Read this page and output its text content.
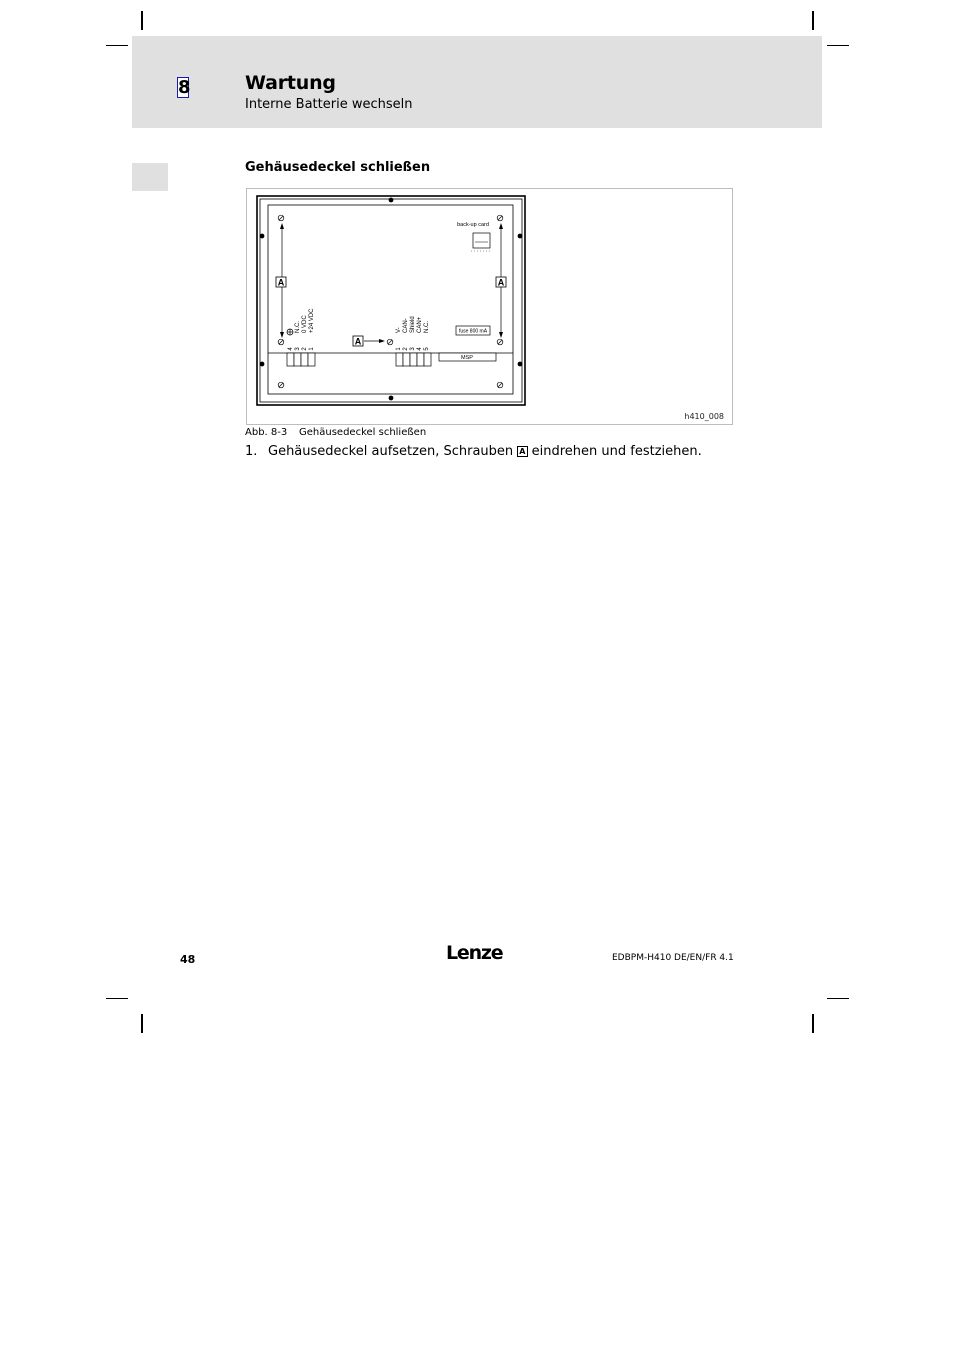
8	Wartung
Interne Batterie wechseln
Gehäusedeckel schließen
A	A
A
back-up card
fuse 800 mA
MSP
N.C. 0 VDC +24 VDC
4 3 2 1
V- CAN- Shield CAN+ N.C.
1 2 3 4 5
h410_008
Abb. 8-3 Gehäusedeckel schließen
1. Gehäusedeckel aufsetzen, Schrauben A eindrehen und festziehen.
48	Lenze	EDBPM-H410 DE/EN/FR 4.1
